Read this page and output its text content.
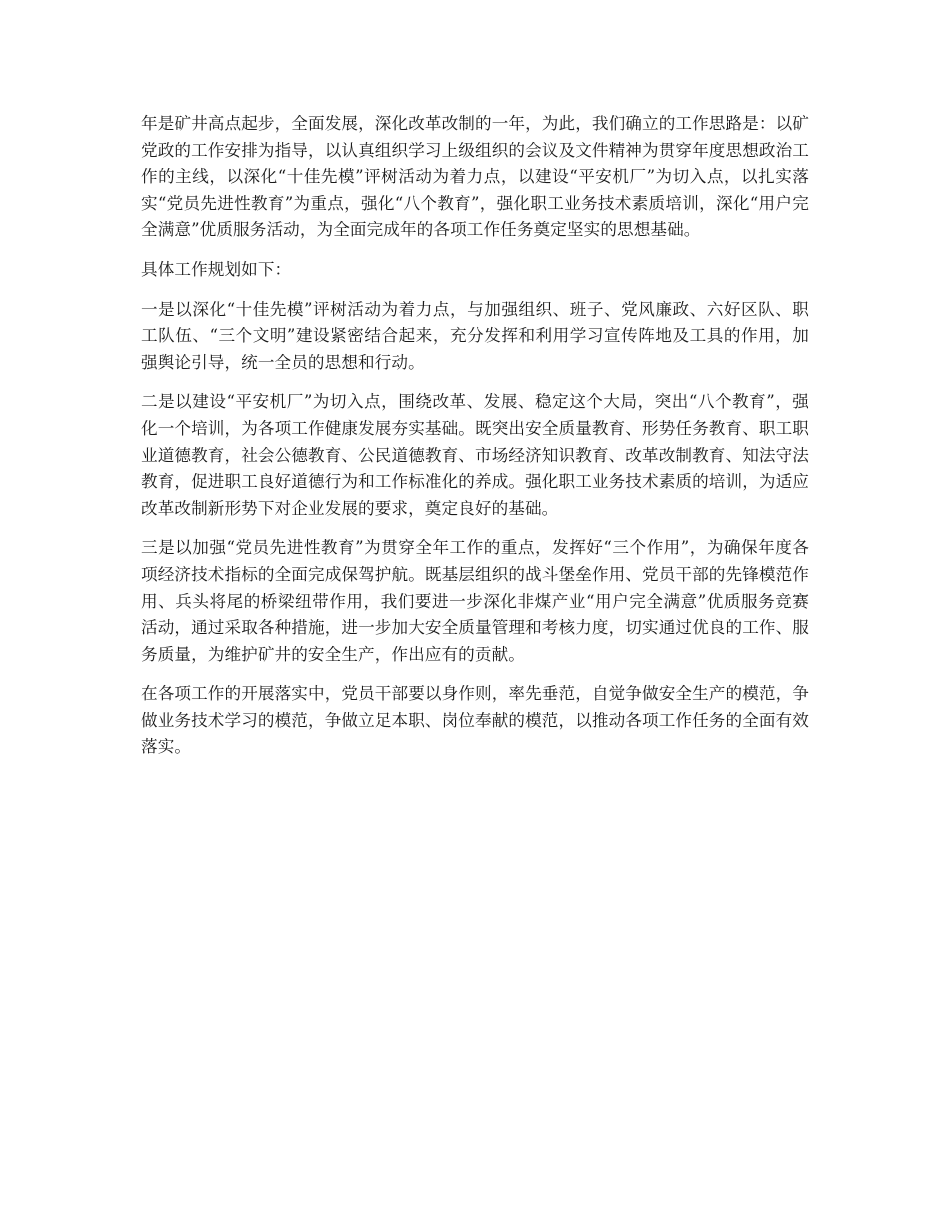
年是矿井高点起步，全面发展，深化改革改制的一年，为此，我们确立的工作思路是：以矿党政的工作安排为指导，以认真组织学习上级组织的会议及文件精神为贯穿年度思想政治工作的主线，以深化“十佳先模”评树活动为着力点，以建设“平安机厂”为切入点，以扎实落实“党员先进性教育”为重点，强化“八个教育”，强化职工业务技术素质培训，深化“用户完全满意”优质服务活动，为全面完成年的各项工作任务奠定坚实的思想基础。

具体工作规划如下：

一是以深化“十佳先模”评树活动为着力点，与加强组织、班子、党风廉政、六好区队、职工队伍、“三个文明”建设紧密结合起来，充分发挥和利用学习宣传阵地及工具的作用，加强舆论引导，统一全员的思想和行动。

二是以建设“平安机厂”为切入点，围绕改革、发展、稳定这个大局，突出“八个教育”，强化一个培训，为各项工作健康发展夯实基础。既突出安全质量教育、形势任务教育、职工职业道德教育，社会公德教育、公民道德教育、市场经济知识教育、改革改制教育、知法守法教育，促进职工良好道德行为和工作标准化的养成。强化职工业务技术素质的培训，为适应改革改制新形势下对企业发展的要求，奠定良好的基础。

三是以加强“党员先进性教育”为贯穿全年工作的重点，发挥好“三个作用”，为确保年度各项经济技术指标的全面完成保驾护航。既基层组织的战斗堡垒作用、党员干部的先锋模范作用、兵头将尾的桥梁纽带作用，我们要进一步深化非煤产业“用户完全满意”优质服务竞赛活动，通过采取各种措施，进一步加大安全质量管理和考核力度，切实通过优良的工作、服务质量，为维护矿井的安全生产，作出应有的贡献。

在各项工作的开展落实中，党员干部要以身作则，率先垂范，自觉争做安全生产的模范，争做业务技术学习的模范，争做立足本职、岗位奉献的模范，以推动各项工作任务的全面有效落实。
